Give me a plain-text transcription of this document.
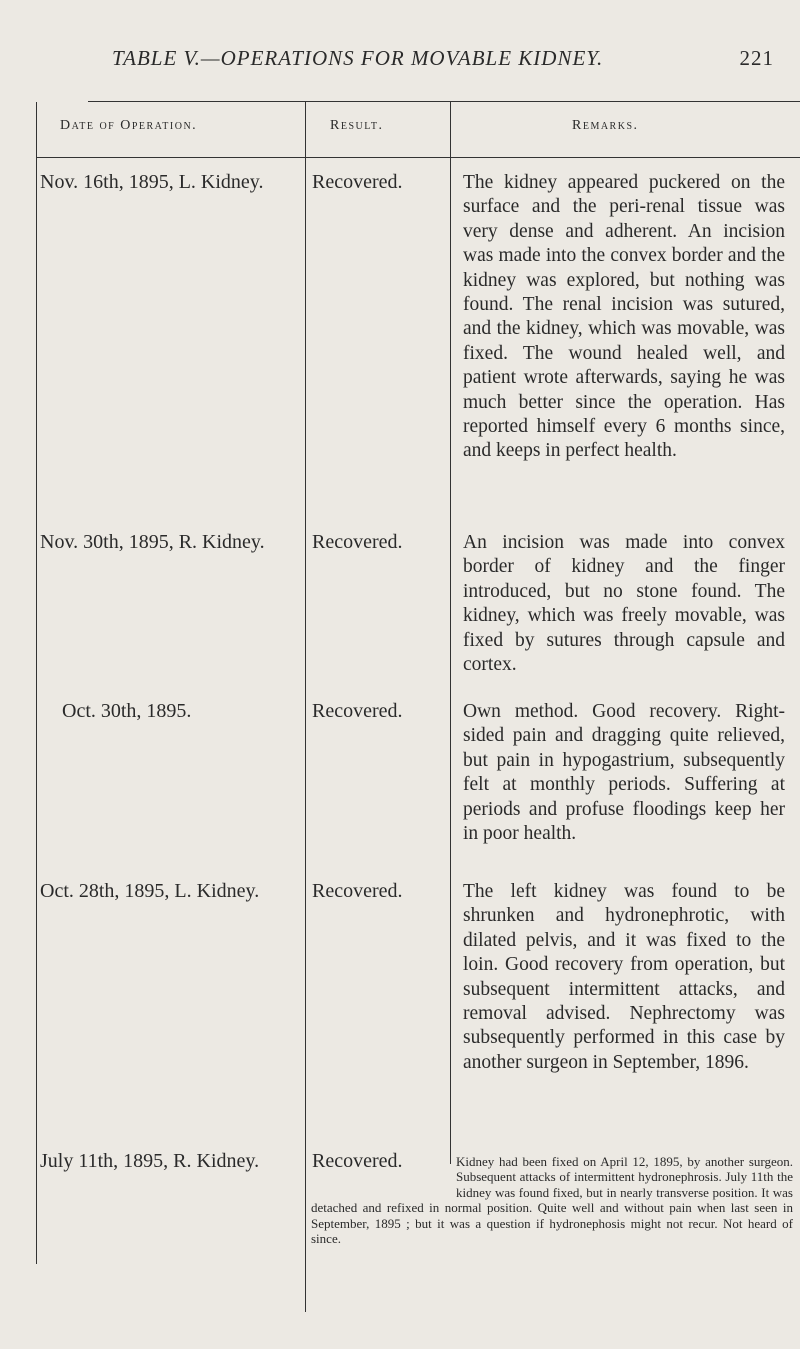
TABLE V.—OPERATIONS FOR MOVABLE KIDNEY.	221
Date of Operation.	Result.	Remarks.
Nov. 16th, 1895, L. Kidney. Recovered.	The kidney appeared puckered on the surface and the peri-renal tissue was very dense and adherent. An incision was made into the convex border and the kidney was explored, but nothing was found. The renal incision was sutured, and the kidney, which was movable, was fixed. The wound healed well, and patient wrote afterwards, saying he was much better since the operation. Has reported himself every 6 months since, and keeps in perfect health.
Nov. 30th, 1895, R. Kidney. Recovered.	An incision was made into convex border of kidney and the finger introduced, but no stone found. The kidney, which was freely movable, was fixed by sutures through capsule and cortex.
Oct. 30th, 1895.	Recovered.	Own method. Good recovery. Right-sided pain and dragging quite relieved, but pain in hypogastrium, subsequently felt at monthly periods. Suffering at periods and profuse floodings keep her in poor health.
Oct. 28th, 1895, L. Kidney.	Recovered.	The left kidney was found to be shrunken and hydronephrotic, with dilated pelvis, and it was fixed to the loin. Good recovery from operation, but subsequent intermittent attacks, and removal advised. Nephrectomy was subsequently performed in this case by another surgeon in September, 1896.
July 11th, 1895, R. Kidney.	Recovered.	Kidney had been fixed on April 12, 1895, by another surgeon. Subsequent attacks of intermittent hydronephrosis. July 11th the kidney was found fixed, but in nearly transverse position. It was detached and refixed in normal position. Quite well and without pain when last seen in September, 1895 ; but it was a question if hydronephosis might not recur. Not heard of since.
